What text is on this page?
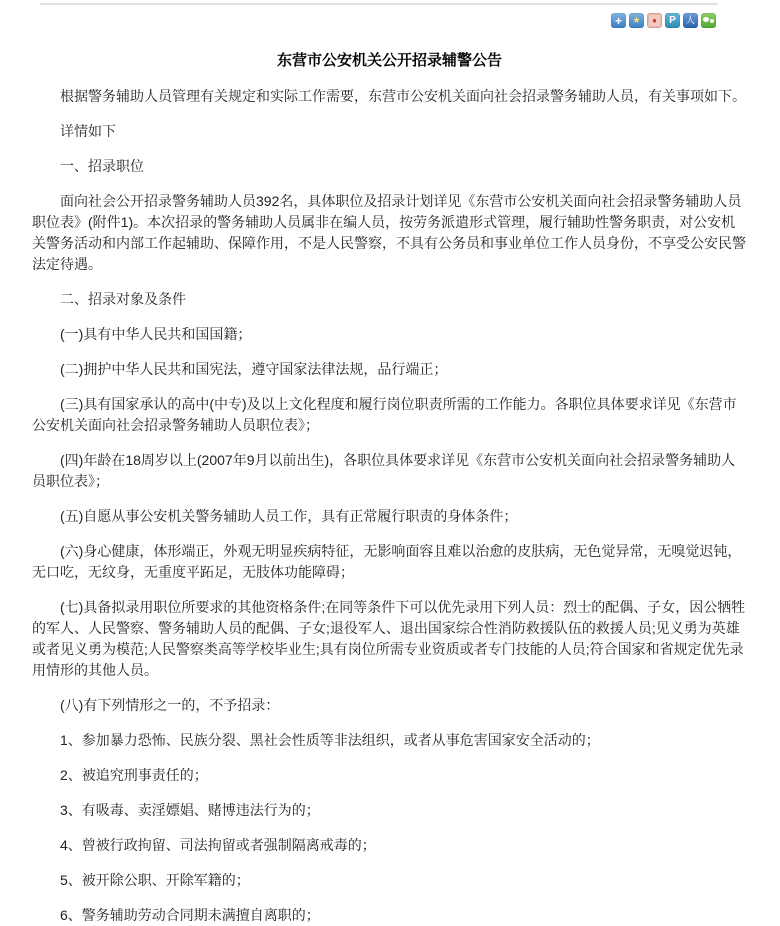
+
★
●
P
人
东营市公安机关公开招录辅警公告

根据警务辅助人员管理有关规定和实际工作需要，东营市公安机关面向社会招录警务辅助人员，有关事项如下。

详情如下

一、招录职位

面向社会公开招录警务辅助人员392名，具体职位及招录计划详见《东营市公安机关面向社会招录警务辅助人员职位表》(附件1)。本次招录的警务辅助人员属非在编人员，按劳务派遣形式管理，履行辅助性警务职责，对公安机关警务活动和内部工作起辅助、保障作用，不是人民警察，不具有公务员和事业单位工作人员身份，不享受公安民警法定待遇。

二、招录对象及条件

(一)具有中华人民共和国国籍；

(二)拥护中华人民共和国宪法，遵守国家法律法规，品行端正；

(三)具有国家承认的高中(中专)及以上文化程度和履行岗位职责所需的工作能力。各职位具体要求详见《东营市公安机关面向社会招录警务辅助人员职位表》；

(四)年龄在18周岁以上(2007年9月以前出生)，各职位具体要求详见《东营市公安机关面向社会招录警务辅助人员职位表》；

(五)自愿从事公安机关警务辅助人员工作，具有正常履行职责的身体条件；

(六)身心健康，体形端正，外观无明显疾病特征，无影响面容且难以治愈的皮肤病，无色觉异常，无嗅觉迟钝，无口吃，无纹身，无重度平跖足，无肢体功能障碍；

(七)具备拟录用职位所要求的其他资格条件;在同等条件下可以优先录用下列人员：烈士的配偶、子女，因公牺牲的军人、人民警察、警务辅助人员的配偶、子女;退役军人、退出国家综合性消防救援队伍的救援人员;见义勇为英雄或者见义勇为模范;人民警察类高等学校毕业生;具有岗位所需专业资质或者专门技能的人员;符合国家和省规定优先录用情形的其他人员。

(八)有下列情形之一的，不予招录：

1、参加暴力恐怖、民族分裂、黑社会性质等非法组织，或者从事危害国家安全活动的；

2、被追究刑事责任的；

3、有吸毒、卖淫嫖娼、赌博违法行为的；

4、曾被行政拘留、司法拘留或者强制隔离戒毒的；

5、被开除公职、开除军籍的；

6、警务辅助劳动合同期未满擅自离职的；
